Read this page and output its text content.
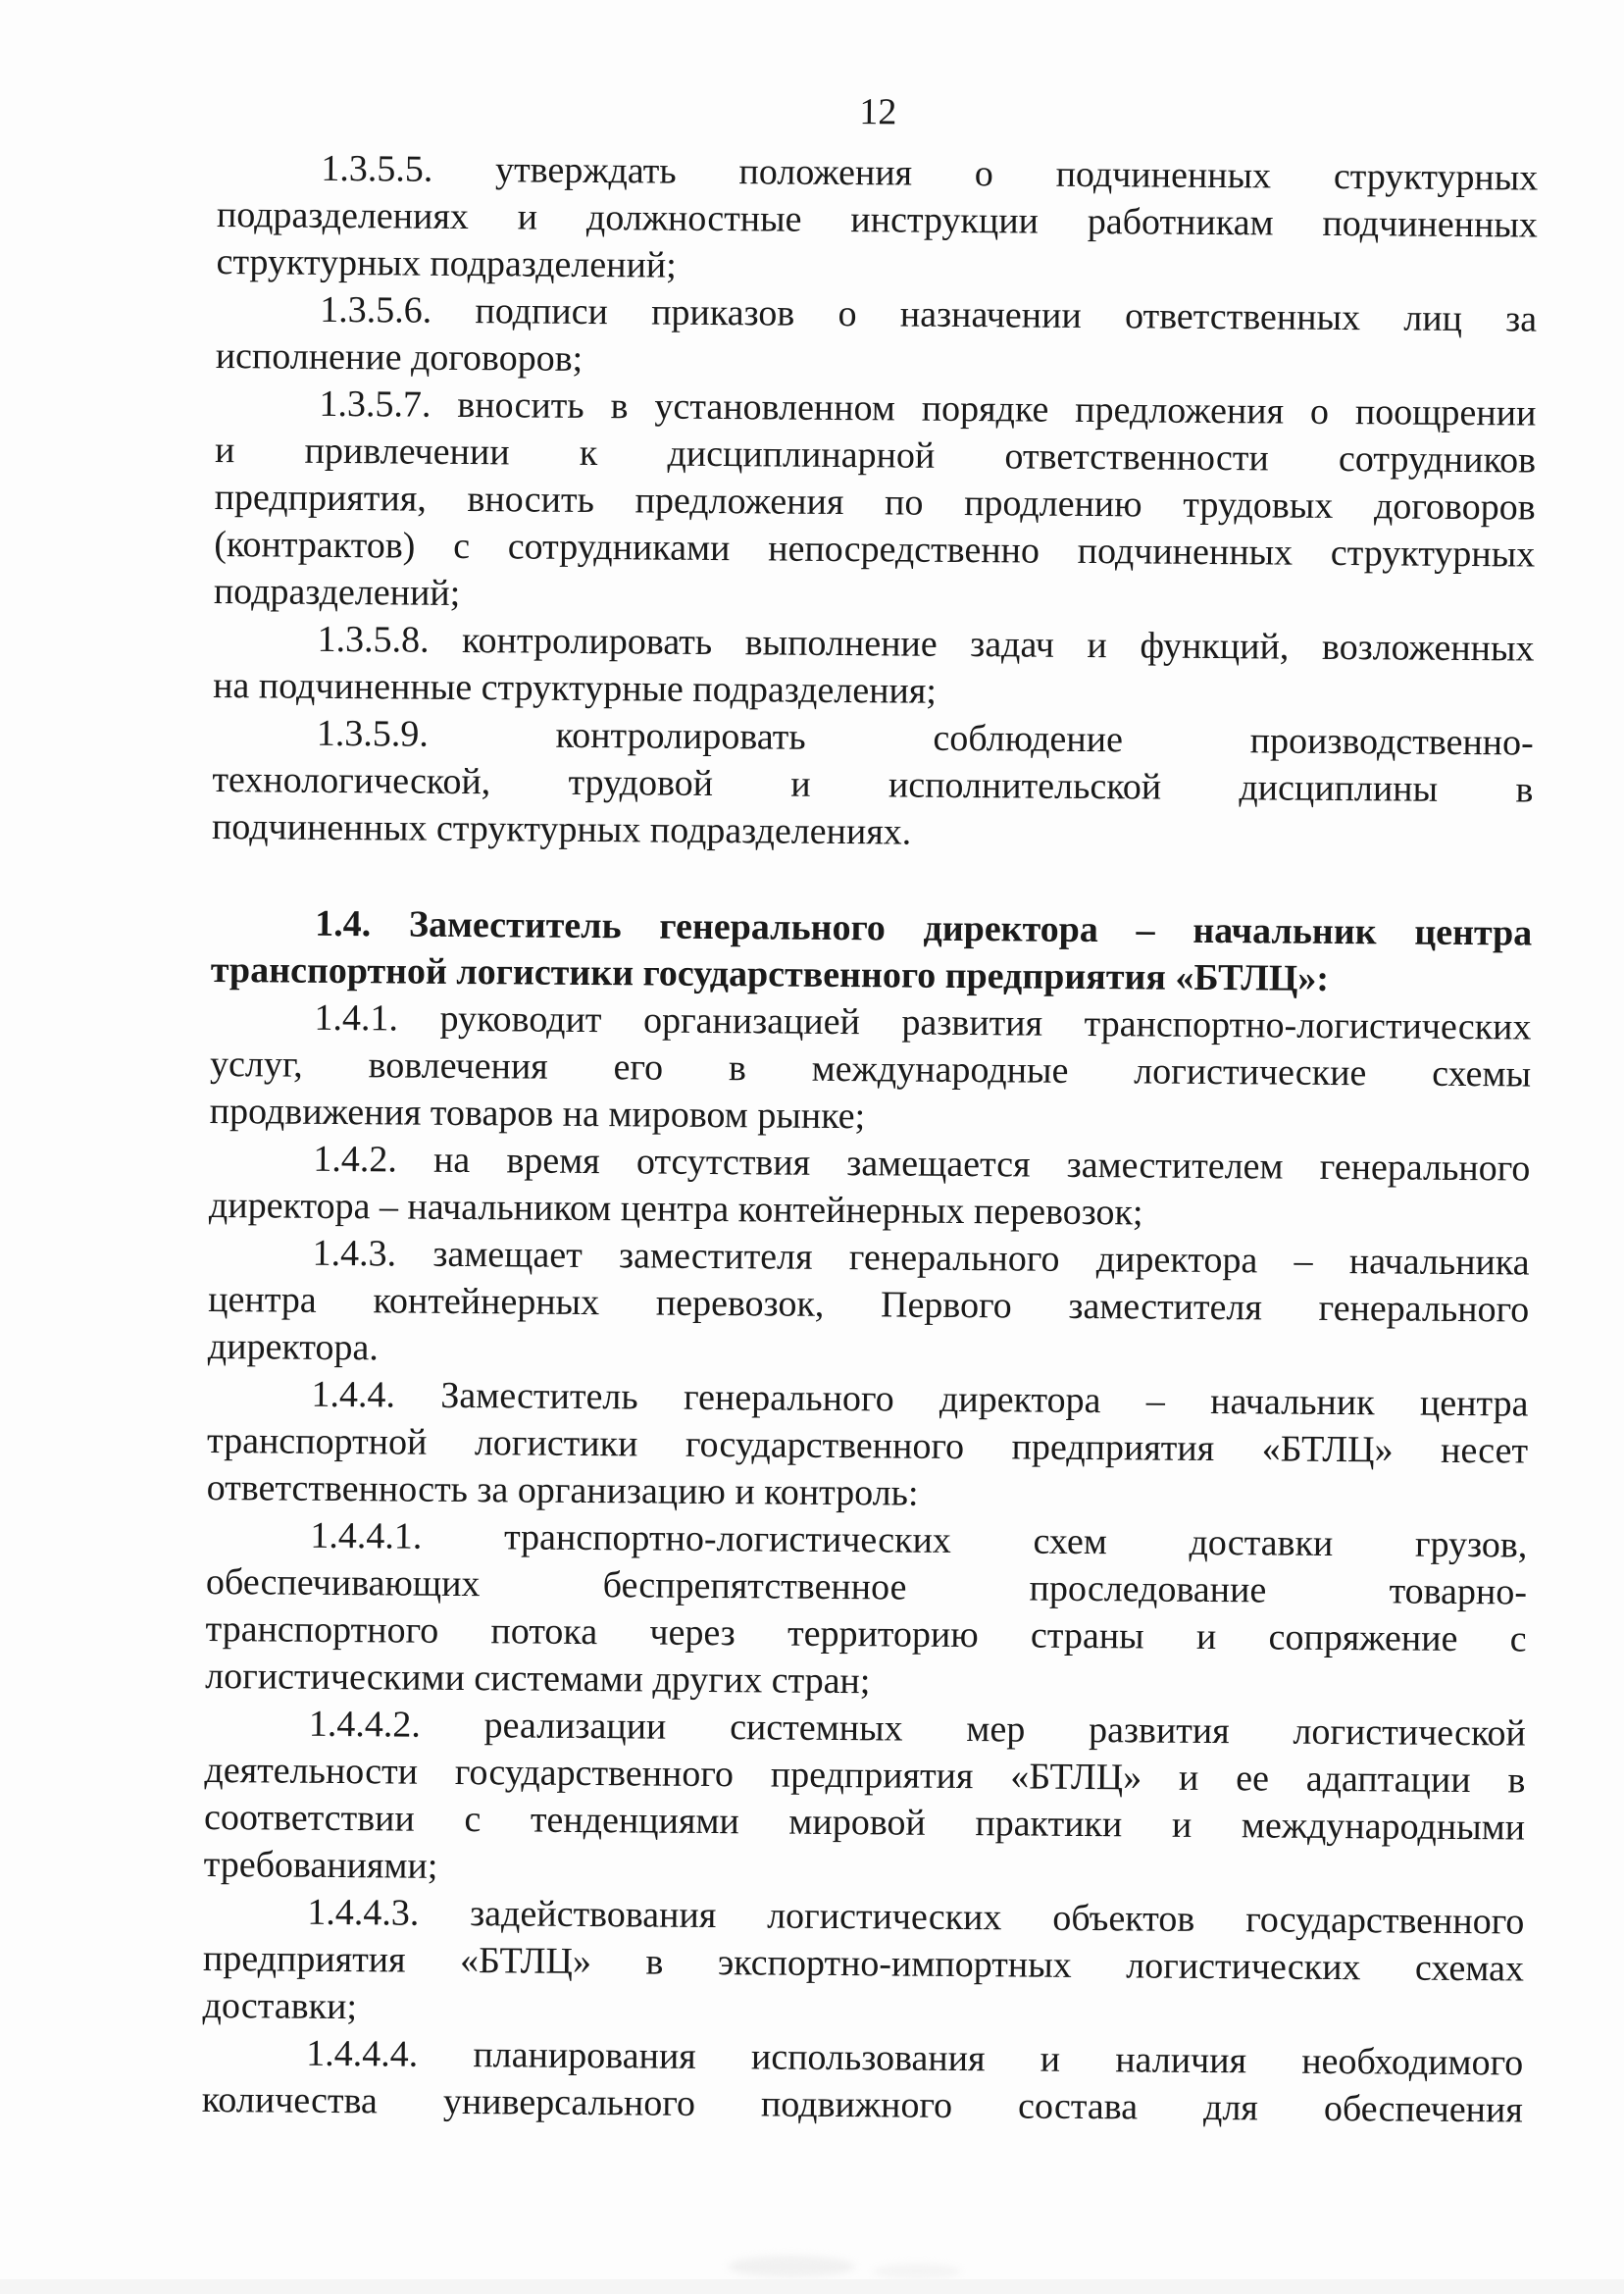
12
1.3.5.5. утверждать положения о подчиненных структурных
подразделениях и должностные инструкции работникам подчиненных
структурных подразделений;
1.3.5.6. подписи приказов о назначении ответственных лиц за
исполнение договоров;
1.3.5.7. вносить в установленном порядке предложения о поощрении
и привлечении к дисциплинарной ответственности сотрудников
предприятия, вносить предложения по продлению трудовых договоров
(контрактов) с сотрудниками непосредственно подчиненных структурных
подразделений;
1.3.5.8. контролировать выполнение задач и функций, возложенных
на подчиненные структурные подразделения;
1.3.5.9. контролировать соблюдение производственно-
технологической, трудовой и исполнительской дисциплины в
подчиненных структурных подразделениях.
1.4. Заместитель генерального директора – начальник центра
транспортной логистики государственного предприятия «БТЛЦ»:
1.4.1. руководит организацией развития транспортно-логистических
услуг, вовлечения его в международные логистические схемы
продвижения товаров на мировом рынке;
1.4.2. на время отсутствия замещается заместителем генерального
директора – начальником центра контейнерных перевозок;
1.4.3. замещает заместителя генерального директора – начальника
центра контейнерных перевозок, Первого заместителя генерального
директора.
1.4.4. Заместитель генерального директора – начальник центра
транспортной логистики государственного предприятия «БТЛЦ» несет
ответственность за организацию и контроль:
1.4.4.1. транспортно-логистических схем доставки грузов,
обеспечивающих беспрепятственное проследование товарно-
транспортного потока через территорию страны и сопряжение с
логистическими системами других стран;
1.4.4.2. реализации системных мер развития логистической
деятельности государственного предприятия «БТЛЦ» и ее адаптации в
соответствии с тенденциями мировой практики и международными
требованиями;
1.4.4.3. задействования логистических объектов государственного
предприятия «БТЛЦ» в экспортно-импортных логистических схемах
доставки;
1.4.4.4. планирования использования и наличия необходимого
количества универсального подвижного состава для обеспечения
